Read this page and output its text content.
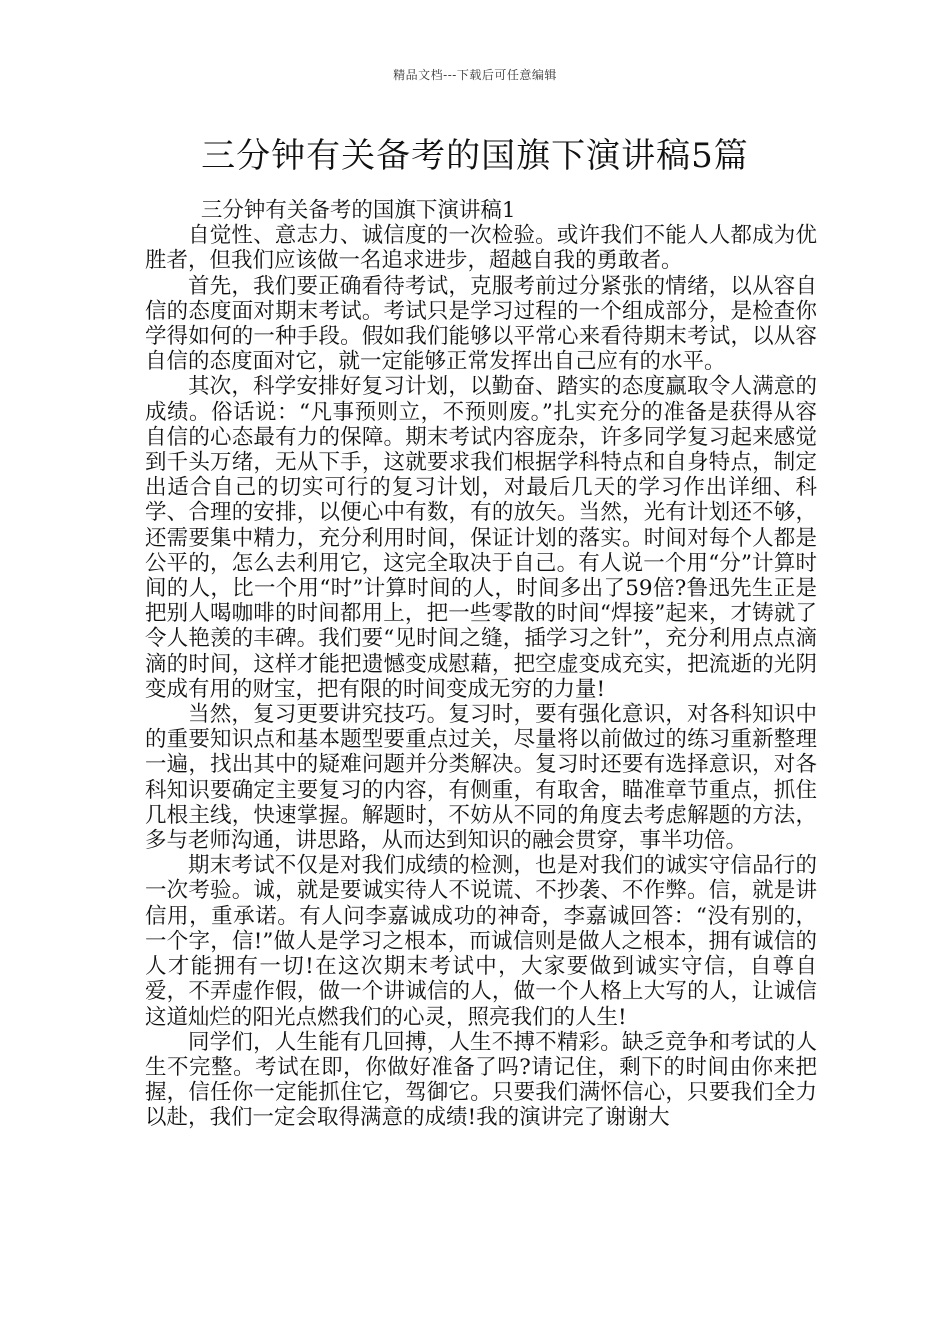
精品文档---下载后可任意编辑
三分钟有关备考的国旗下演讲稿5篇

三分钟有关备考的国旗下演讲稿1

自觉性、意志力、诚信度的一次检验。或许我们不能人人都成为优胜者，但我们应该做一名追求进步，超越自我的勇敢者。

首先，我们要正确看待考试，克服考前过分紧张的情绪，以从容自信的态度面对期末考试。考试只是学习过程的一个组成部分，是检查你学得如何的一种手段。假如我们能够以平常心来看待期末考试，以从容自信的态度面对它，就一定能够正常发挥出自己应有的水平。

其次，科学安排好复习计划，以勤奋、踏实的态度赢取令人满意的成绩。俗话说：“凡事预则立，不预则废。”扎实充分的准备是获得从容自信的心态最有力的保障。期末考试内容庞杂，许多同学复习起来感觉到千头万绪，无从下手，这就要求我们根据学科特点和自身特点，制定出适合自己的切实可行的复习计划，对最后几天的学习作出详细、科学、合理的安排，以便心中有数，有的放矢。当然，光有计划还不够，还需要集中精力，充分利用时间，保证计划的落实。时间对每个人都是公平的，怎么去利用它，这完全取决于自己。有人说一个用“分”计算时间的人，比一个用“时”计算时间的人，时间多出了59倍?鲁迅先生正是把别人喝咖啡的时间都用上，把一些零散的时间“焊接”起来，才铸就了令人艳羡的丰碑。我们要“见时间之缝，插学习之针”，充分利用点点滴滴的时间，这样才能把遗憾变成慰藉，把空虚变成充实，把流逝的光阴变成有用的财宝，把有限的时间变成无穷的力量!

当然，复习更要讲究技巧。复习时，要有强化意识，对各科知识中的重要知识点和基本题型要重点过关，尽量将以前做过的练习重新整理一遍，找出其中的疑难问题并分类解决。复习时还要有选择意识，对各科知识要确定主要复习的内容，有侧重，有取舍，瞄准章节重点，抓住几根主线，快速掌握。解题时，不妨从不同的角度去考虑解题的方法，多与老师沟通，讲思路，从而达到知识的融会贯穿，事半功倍。

期末考试不仅是对我们成绩的检测，也是对我们的诚实守信品行的一次考验。诚，就是要诚实待人不说谎、不抄袭、不作弊。信，就是讲信用，重承诺。有人问李嘉诚成功的神奇，李嘉诚回答：“没有别的，一个字，信!”做人是学习之根本，而诚信则是做人之根本，拥有诚信的人才能拥有一切!在这次期末考试中，大家要做到诚实守信，自尊自爱，不弄虚作假，做一个讲诚信的人，做一个人格上大写的人，让诚信这道灿烂的阳光点燃我们的心灵，照亮我们的人生!

同学们，人生能有几回搏，人生不搏不精彩。缺乏竞争和考试的人生不完整。考试在即，你做好准备了吗?请记住，剩下的时间由你来把握，信任你一定能抓住它，驾御它。只要我们满怀信心，只要我们全力以赴，我们一定会取得满意的成绩!我的演讲完了谢谢大
